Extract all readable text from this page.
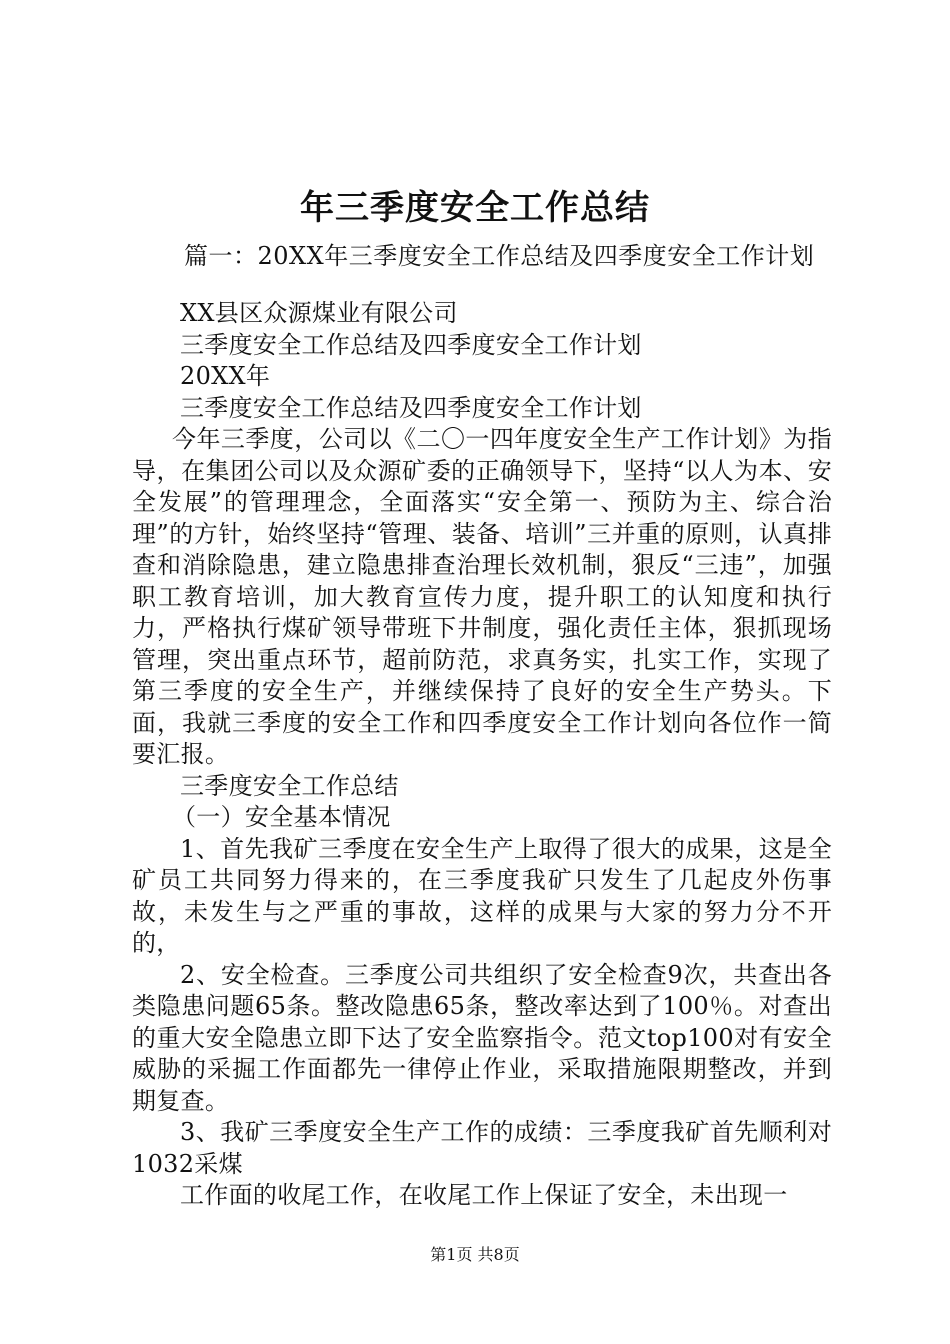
年三季度安全工作总结
篇一：20XX年三季度安全工作总结及四季度安全工作计划

XX县区众源煤业有限公司

三季度安全工作总结及四季度安全工作计划

20XX年

三季度安全工作总结及四季度安全工作计划

今年三季度，公司以《二〇一四年度安全生产工作计划》为指导，在集团公司以及众源矿委的正确领导下，坚持“以人为本、安全发展”的管理理念，全面落实“安全第一、预防为主、综合治理”的方针，始终坚持“管理、装备、培训”三并重的原则，认真排查和消除隐患，建立隐患排查治理长效机制，狠反“三违”，加强职工教育培训，加大教育宣传力度，提升职工的认知度和执行力，严格执行煤矿领导带班下井制度，强化责任主体，狠抓现场管理，突出重点环节，超前防范，求真务实，扎实工作，实现了第三季度的安全生产，并继续保持了良好的安全生产势头。下面，我就三季度的安全工作和四季度安全工作计划向各位作一简要汇报。

三季度安全工作总结

（一）安全基本情况

1、首先我矿三季度在安全生产上取得了很大的成果，这是全矿员工共同努力得来的，在三季度我矿只发生了几起皮外伤事故，未发生与之严重的事故，这样的成果与大家的努力分不开的，

2、安全检查。三季度公司共组织了安全检查9次，共查出各类隐患问题65条。整改隐患65条，整改率达到了100％。对查出的重大安全隐患立即下达了安全监察指令。范文top100对有安全威胁的采掘工作面都先一律停止作业，采取措施限期整改，并到期复查。

3、我矿三季度安全生产工作的成绩：三季度我矿首先顺利对1032采煤

工作面的收尾工作，在收尾工作上保证了安全，未出现一

第1页 共8页
